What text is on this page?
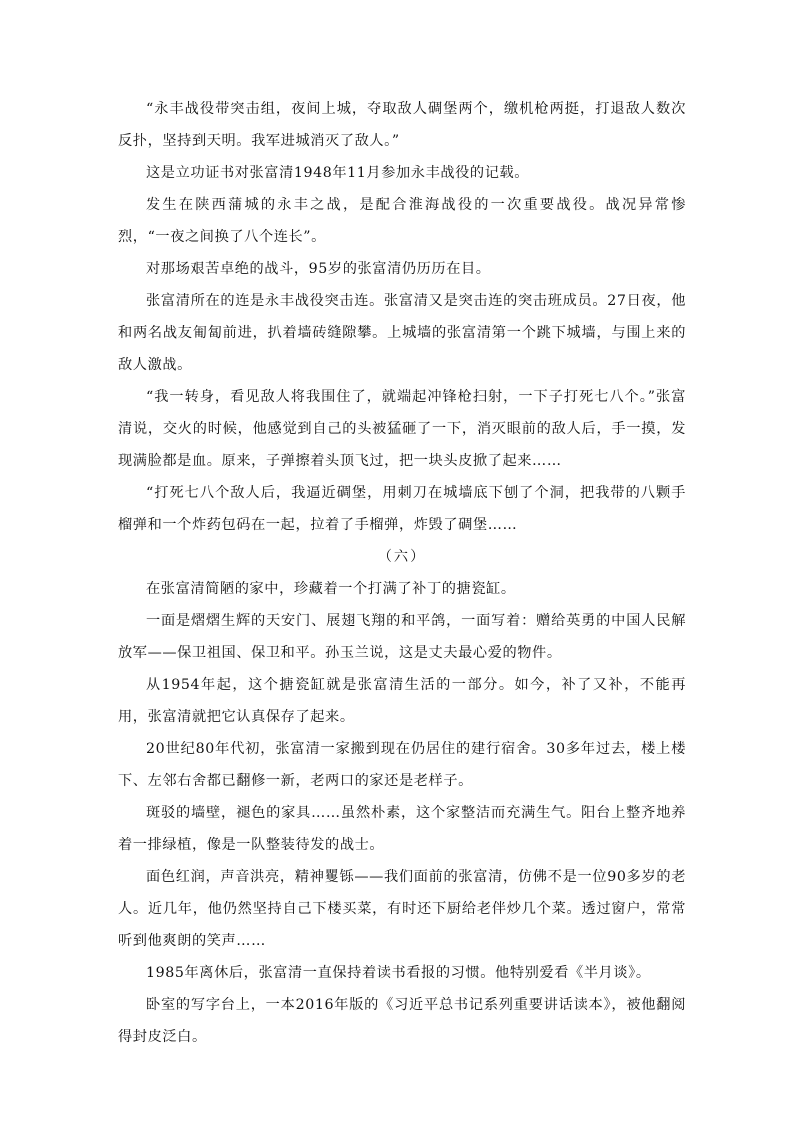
“永丰战役带突击组，夜间上城，夺取敌人碉堡两个，缴机枪两挺，打退敌人数次反扑，坚持到天明。我军进城消灭了敌人。”

这是立功证书对张富清1948年11月参加永丰战役的记载。

发生在陕西蒲城的永丰之战，是配合淮海战役的一次重要战役。战况异常惨烈，“一夜之间换了八个连长”。

对那场艰苦卓绝的战斗，95岁的张富清仍历历在目。

张富清所在的连是永丰战役突击连。张富清又是突击连的突击班成员。27日夜，他和两名战友匍匐前进，扒着墙砖缝隙攀。上城墙的张富清第一个跳下城墙，与围上来的敌人激战。

“我一转身，看见敌人将我围住了，就端起冲锋枪扫射，一下子打死七八个。”张富清说，交火的时候，他感觉到自己的头被猛砸了一下，消灭眼前的敌人后，手一摸，发现满脸都是血。原来，子弹擦着头顶飞过，把一块头皮掀了起来……

“打死七八个敌人后，我逼近碉堡，用刺刀在城墙底下刨了个洞，把我带的八颗手榴弹和一个炸药包码在一起，拉着了手榴弹，炸毁了碉堡……

（六）

在张富清简陋的家中，珍藏着一个打满了补丁的搪瓷缸。

一面是熠熠生辉的天安门、展翅飞翔的和平鸽，一面写着：赠给英勇的中国人民解放军——保卫祖国、保卫和平。孙玉兰说，这是丈夫最心爱的物件。

从1954年起，这个搪瓷缸就是张富清生活的一部分。如今，补了又补，不能再用，张富清就把它认真保存了起来。

20世纪80年代初，张富清一家搬到现在仍居住的建行宿舍。30多年过去，楼上楼下、左邻右舍都已翻修一新，老两口的家还是老样子。

斑驳的墙壁，褪色的家具……虽然朴素，这个家整洁而充满生气。阳台上整齐地养着一排绿植，像是一队整装待发的战士。

面色红润，声音洪亮，精神矍铄——我们面前的张富清，仿佛不是一位90多岁的老人。近几年，他仍然坚持自己下楼买菜，有时还下厨给老伴炒几个菜。透过窗户，常常听到他爽朗的笑声……

1985年离休后，张富清一直保持着读书看报的习惯。他特别爱看《半月谈》。

卧室的写字台上，一本2016年版的《习近平总书记系列重要讲话读本》，被他翻阅得封皮泛白。
